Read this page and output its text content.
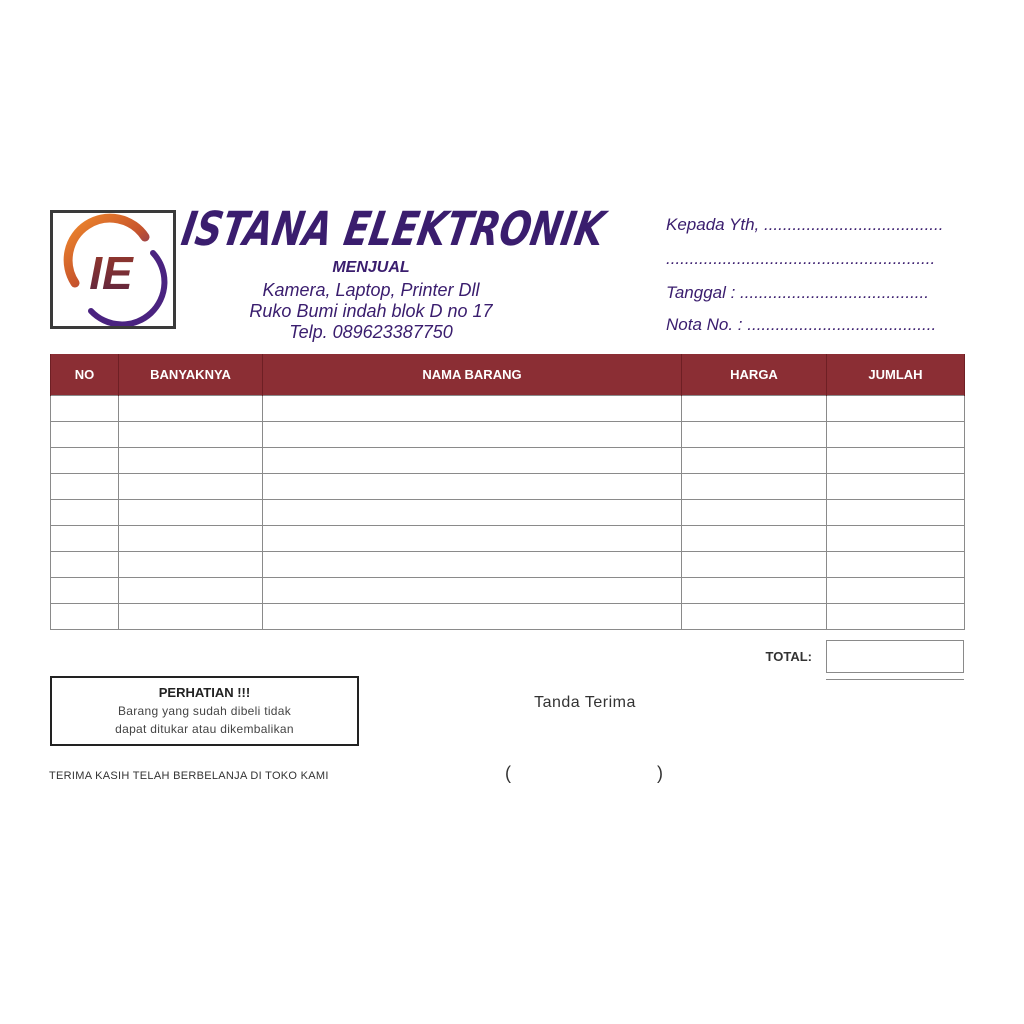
IE
ISTANA ELEKTRONIK
MENJUAL
Kamera, Laptop, Printer Dll
Ruko Bumi indah blok D no 17
Telp. 089623387750
Kepada Yth, ......................................
.........................................................
Tanggal : ........................................
Nota No. : ........................................
NO	BANYAKNYA	NAMA BARANG	HARGA	JUMLAH

TOTAL:
PERHATIAN !!!
Barang yang sudah dibeli tidak
dapat ditukar atau dikembalikan
Tanda Terima
(	)
TERIMA KASIH TELAH BERBELANJA DI TOKO KAMI
